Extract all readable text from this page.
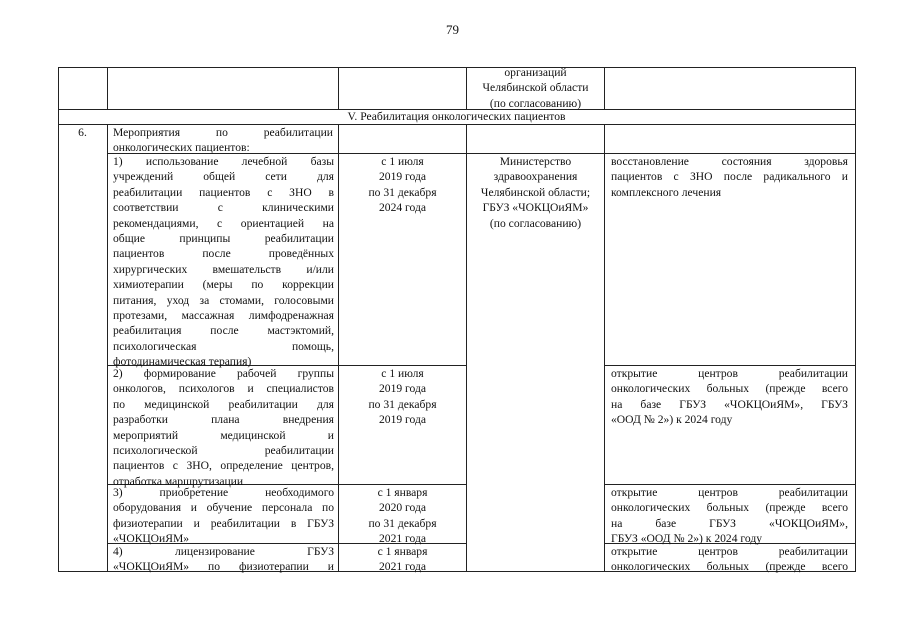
79
организаций
Челябинской области
(по согласованию)
V. Реабилитация онкологических пациентов
6.	Мероприятия по реабилитации
онкологических пациентов:
1) использование лечебной базы
учреждений общей сети для
реабилитации пациентов с ЗНО в
соответствии с клиническими
рекомендациями, с ориентацией на
общие принципы реабилитации
пациентов после проведённых
хирургических вмешательств и/или
химиотерапии (меры по коррекции
питания, уход за стомами, голосовыми
протезами, массажная лимфодренажная
реабилитация после мастэктомий,
психологическая помощь,
фотодинамическая терапия)
с 1 июля
2019 года
по 31 декабря
2024 года
восстановление состояния здоровья
пациентов с ЗНО после радикального и
комплексного лечения
Министерство
здравоохранения
Челябинской области;
ГБУЗ «ЧОКЦОиЯМ»
(по согласованию)
2) формирование рабочей группы
онкологов, психологов и специалистов
по медицинской реабилитации для
разработки плана внедрения
мероприятий медицинской и
психологической реабилитации
пациентов с ЗНО, определение центров,
отработка маршрутизации
с 1 июля
2019 года
по 31 декабря
2019 года
открытие центров реабилитации
онкологических больных (прежде всего
на базе ГБУЗ «ЧОКЦОиЯМ», ГБУЗ
«ООД № 2») к 2024 году
3) приобретение необходимого
оборудования и обучение персонала по
физиотерапии и реабилитации в ГБУЗ
«ЧОКЦОиЯМ»
с 1 января
2020 года
по 31 декабря
2021 года
открытие центров реабилитации
онкологических больных (прежде всего
на базе ГБУЗ «ЧОКЦОиЯМ»,
ГБУЗ «ООД № 2») к 2024 году
4) лицензирование ГБУЗ
«ЧОКЦОиЯМ» по физиотерапии и
с 1 января
2021 года
открытие центров реабилитации
онкологических больных (прежде всего
